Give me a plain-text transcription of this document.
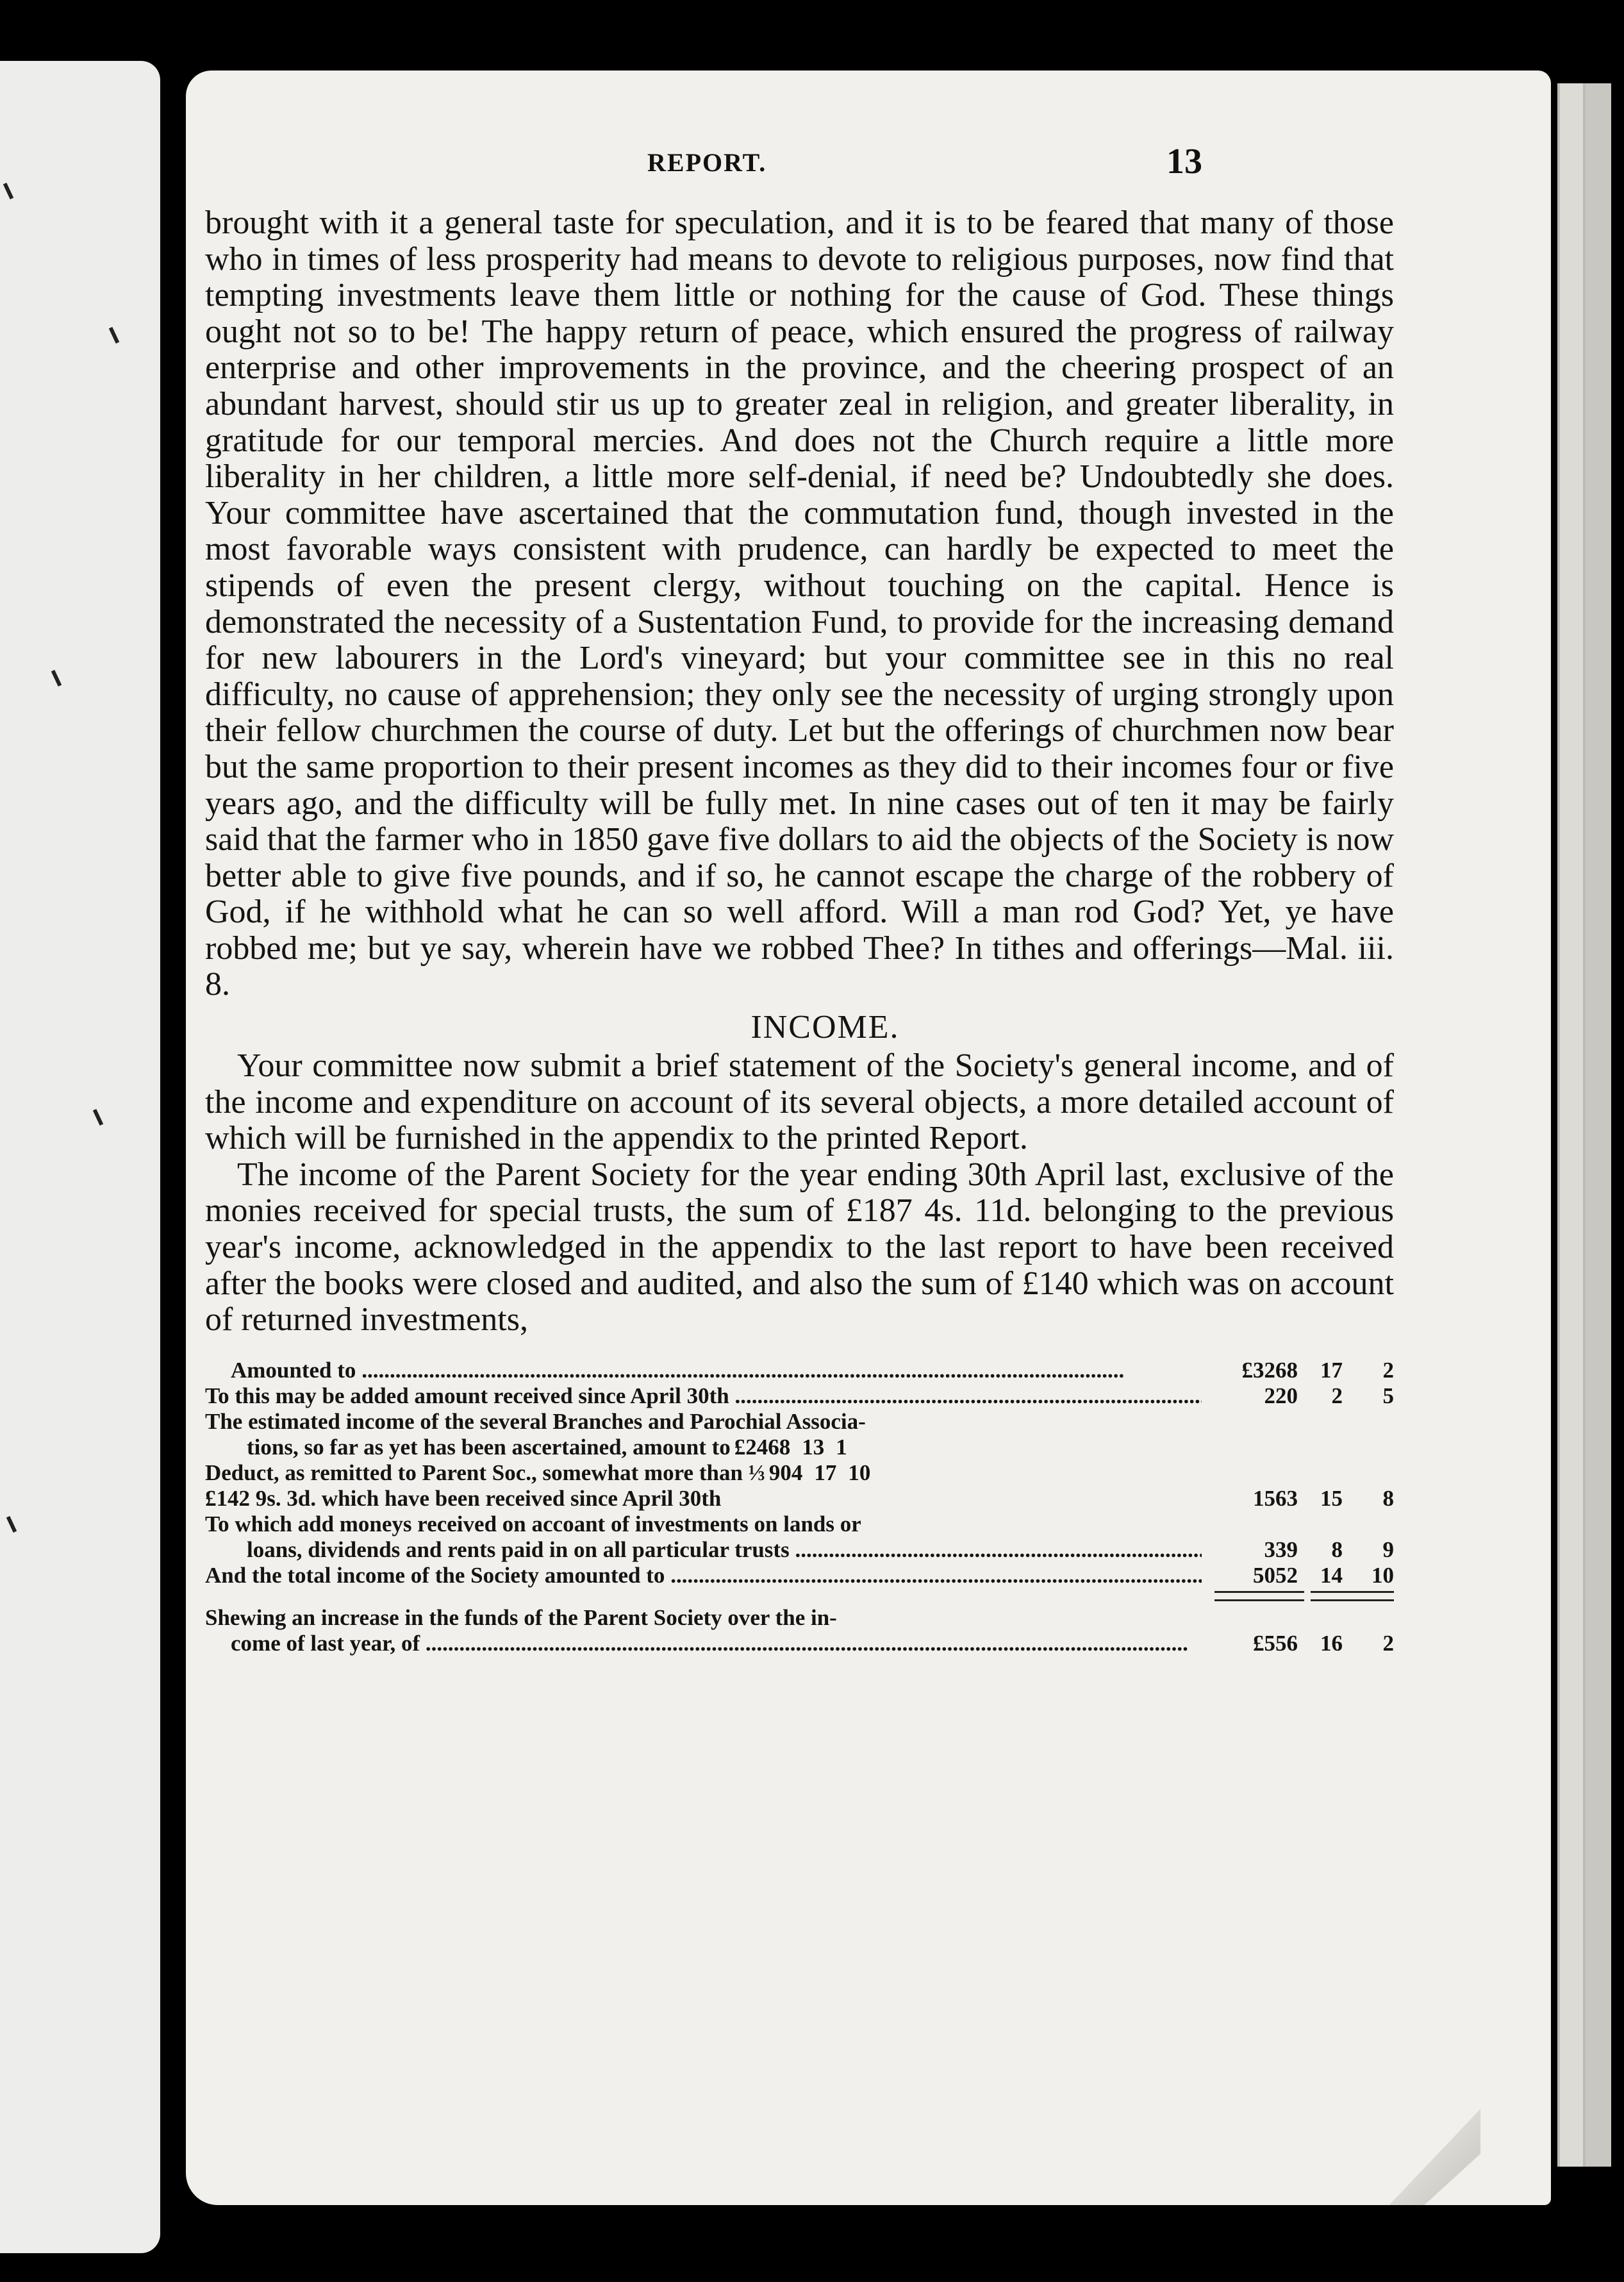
REPORT.	13

brought with it a general taste for speculation, and it is to be feared that many of those who in times of less prosperity had means to devote to religious purposes, now find that tempting investments leave them little or nothing for the cause of God. These things ought not so to be! The happy return of peace, which ensured the progress of railway enterprise and other improvements in the province, and the cheering prospect of an abundant harvest, should stir us up to greater zeal in religion, and greater liberality, in gratitude for our temporal mercies. And does not the Church require a little more liberality in her children, a little more self-denial, if need be? Undoubtedly she does. Your committee have ascertained that the commutation fund, though invested in the most favorable ways consistent with prudence, can hardly be expected to meet the stipends of even the present clergy, without touching on the capital. Hence is demonstrated the necessity of a Sustentation Fund, to provide for the increasing demand for new labourers in the Lord's vineyard; but your committee see in this no real difficulty, no cause of apprehension; they only see the necessity of urging strongly upon their fellow churchmen the course of duty. Let but the offerings of churchmen now bear but the same proportion to their present incomes as they did to their incomes four or five years ago, and the difficulty will be fully met. In nine cases out of ten it may be fairly said that the farmer who in 1850 gave five dollars to aid the objects of the Society is now better able to give five pounds, and if so, he cannot escape the charge of the robbery of God, if he withhold what he can so well afford. Will a man rod God? Yet, ye have robbed me; but ye say, wherein have we robbed Thee? In tithes and offerings—Mal. iii. 8.

INCOME.

Your committee now submit a brief statement of the Society's general income, and of the income and expenditure on account of its several objects, a more detailed account of which will be furnished in the appendix to the printed Report.

The income of the Parent Society for the year ending 30th April last, exclusive of the monies received for special trusts, the sum of £187 4s. 11d. belonging to the previous year's income, acknowledged in the appendix to the last report to have been received after the books were closed and audited, and also the sum of £140 which was on account of returned investments,

Amounted to .....	£3268	17	2
To this may be added amount received since April 30th .....	220	2	5
The estimated income of the several Branches and Parochial Associa-
tions, so far as yet has been ascertained, amount to £2468 13 1
Deduct, as remitted to Parent Soc., somewhat more than ⅓ 904 17 10
£142 9s. 3d. which have been received since April 30th	1563	15	8
To which add moneys received on accoant of investments on lands or
loans, dividends and rents paid in on all particular trusts .....	339	8	9
And the total income of the Society amounted to .....	5052	14	10
Shewing an increase in the funds of the Parent Society over the in-
come of last year, of .....	£556	16	2
